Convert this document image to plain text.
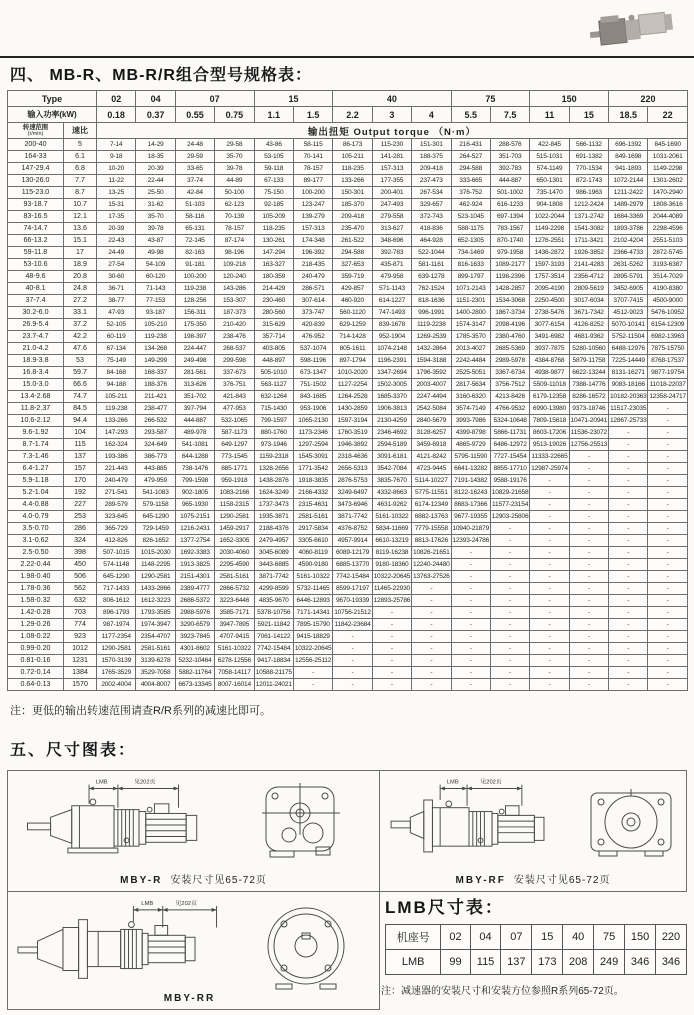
四、 MB-R、MB-R/R组合型号规格表：
Type		02	04	07		15		40			75		150		220	
输入功率(kW)		0.18	0.37	0.55	0.75	1.1	1.5	2.2	3	4	5.5	7.5	11	15	18.5	22

转速范围
(r/min)	速比	输出扭矩 Output torque （N·m）														
200-40	5	7-14	14-29	24-48	29-58	43-86	58-115	86-173	115-230	151-301	216-431	288-576	422-845	566-1132	696-1392	845-1690
164-33	6.1	9-18	18-35	29-59	35-70	53-105	70-141	105-211	141-281	188-375	264-527	351-703	515-1031	691-1382	849-1698	1031-2061
147-29.4	6.8	10-20	20-39	33-65	39-78	59-118	78-157	118-235	157-313	209-418	294-588	392-783	574-1149	770-1534	941-1893	1149-2298
130-26.0	7.7	11-22	22-44	37-74	44-89	67-133	89-177	133-266	177-355	237-473	333-665	444-887	650-1301	872-1743	1072-2144	1301-2602
115-23.0	8.7	13-25	25-50	42-84	50-100	75-150	100-200	150-301	200-401	267-534	376-752	501-1002	735-1470	986-1963	1211-2422	1470-2940
93-18.7	10.7	15-31	31-62	51-103	62-123	92-185	123-247	185-370	247-493	329-657	462-924	616-1233	904-1808	1212-2424	1489-2979	1808-3616
83-16.5	12.1	17-35	35-70	58-116	70-139	105-209	139-279	209-418	279-558	372-743	523-1045	697-1394	1022-2044	1371-2742	1684-3369	2044-4089
74-14.7	13.6	20-39	39-78	65-131	78-157	118-235	157-313	235-470	313-627	418-836	588-1175	783-1567	1149-2298	1541-3082	1893-3786	2298-4596
66-13.2	15.1	22-43	43-87	72-145	87-174	130-261	174-348	261-522	348-696	464-928	652-1305	870-1740	1276-2551	1711-3421	2102-4204	2551-5103
59-11.8	17	24-49	49-98	82-163	98-196	147-294	196-392	294-588	392-783	522-1044	734-1469	979-1958	1436-2872	1926-3852	2366-4733	2872-5745
53-10.6	18.9	27-54	54-109	91-181	109-218	163-327	218-435	327-653	435-871	581-1161	816-1633	1089-2177	1597-3193	2141-4283	2631-5262	3193-6387
48-9.6	20.8	30-60	60-120	100-200	120-240	180-359	240-479	359-719	479-958	639-1278	899-1797	1198-2396	1757-3514	2356-4712	2895-5791	3514-7029
40-8.1	24.8	36-71	71-143	119-238	143-286	214-429	286-571	429-857	571-1143	762-1524	1071-2143	1428-2857	2095-4190	2809-5619	3452-6905	4190-8380
37-7.4	27.2	38-77	77-153	128-256	153-307	230-460	307-614	460-920	614-1227	818-1636	1151-2301	1534-3068	2250-4500	3017-6034	3707-7415	4500-9000
30.2-6.0	33.1	47-93	93-187	156-311	187-373	280-560	373-747	560-1120	747-1493	996-1991	1400-2800	1867-3734	2738-5476	3671-7342	4512-9023	5476-10952
26.9-5.4	37.2	52-105	105-210	175-350	210-420	315-629	420-839	629-1259	839-1678	1119-2238	1574-3147	2098-4196	3077-6154	4126-8252	5070-10141	6154-12309
23.7-4.7	42.2	60-119	119-238	198-397	238-476	357-714	476-952	714-1428	952-1904	1269-2539	1785-3570	2380-4760	3491-6982	4681-9362	5752-11504	6982-13963
21.0-4.2	47.6	67-134	134-268	224-447	268-537	403-805	537-1074	805-1611	1074-2148	1432-2864	2013-4027	2685-5369	3937-7875	5280-10560	6488-12976	7875-15750
18.9-3.8	53	75-149	149-299	249-498	299-598	448-897	598-1196	897-1794	1196-2391	1594-3188	2242-4484	2989-5978	4384-8768	5879-11758	7225-14449	8768-17537
16.8-3.4	59.7	84-168	168-337	281-561	337-673	505-1010	673-1347	1010-2020	1347-2694	1796-3592	2525-5051	3367-6734	4938-9877	6622-13244	8131-16271	9877-19754
15.0-3.0	66.6	94-188	188-376	313-626	376-751	563-1127	751-1502	1127-2254	1502-3005	2003-4007	2817-5634	3756-7512	5509-11018	7388-14776	9083-18166	11018-22037
13.4-2.68	74.7	105-211	211-421	351-702	421-843	632-1264	843-1685	1264-2528	1685-3370	2247-4494	3160-6320	4213-8426	6179-12358	8286-16572	10182-20363	12358-24717
11.8-2.37	84.5	119-238	238-477	397-794	477-953	715-1430	953-1906	1430-2859	1906-3813	2542-5084	3574-7149	4766-9532	6990-13980	9373-18746	11517-23035	-
10.6-2.12	94.4	133-266	266-532	444-887	532-1065	799-1597	1065-2130	1597-3194	2130-4259	2840-5679	3993-7986	5324-10648	7809-15618	10471-20941	12867-25733	-
9.6-1.92	104	147-293	293-587	489-978	587-1173	880-1760	1173-2346	1760-3519	2346-4692	3128-6257	4399-8798	5866-11731	8603-17206	11536-23072	-	-
8.7-1.74	115	162-324	324-649	541-1081	649-1297	973-1946	1297-2594	1946-3892	2594-5189	3459-6918	4865-9729	6486-12972	9513-19026	12756-25513	-	-
7.3-1.46	137	193-386	386-773	644-1288	773-1545	1159-2318	1545-3091	2318-4636	3091-6181	4121-8242	5795-11590	7727-15454	11333-22665	-	-	-
6.4-1.27	157	221-443	443-885	738-1476	885-1771	1328-2656	1771-3542	2656-5313	3542-7084	4723-9445	6641-13282	8855-17710	12987-25974	-	-	-
5.9-1.18	170	240-479	479-959	799-1598	959-1918	1438-2876	1918-3835	2876-5753	3835-7670	5114-10227	7191-14382	9588-19176	-	-	-	-
5.2-1.04	192	271-541	541-1083	902-1805	1083-2166	1624-3249	2166-4332	3249-6497	4332-8663	5775-11551	8122-16243	10829-21658	-	-	-	-
4.4-0.88	227	289-579	579-1158	965-1930	1158-2315	1737-3473	2315-4631	3473-6946	4631-9262	6174-12349	8683-17366	11577-23154	-	-	-	-
4.0-0.79	253	323-645	645-1290	1075-2151	1290-2581	1935-3871	2581-5161	3871-7742	5161-10322	6882-13763	9677-19355	12903-25806	-	-	-	-
3.5-0.70	286	365-729	729-1459	1216-2431	1459-2917	2188-4376	2917-5834	4376-8752	5834-11669	7779-15558	10940-21879	-	-	-	-	-
3.1-0.62	324	412-826	826-1652	1377-2754	1652-3305	2479-4957	3305-6610	4957-9914	6610-13219	8813-17626	12393-24786	-	-	-	-	-
2.5-0.50	398	507-1015	1015-2030	1692-3383	2030-4060	3045-6089	4060-8119	6089-12179	8119-16238	10826-21651	-	-	-	-	-	-
2.22-0.44	450	574-1148	1148-2295	1913-3825	2295-4590	3443-6885	4590-9180	6885-13770	9180-18360	12240-24480	-	-	-	-	-	-
1.98-0.40	506	645-1290	1290-2581	2151-4301	2581-5161	3871-7742	5161-10322	7742-15484	10322-20645	13763-27526	-	-	-	-	-	-
1.78-0.36	562	717-1433	1433-2866	2389-4777	2866-5732	4299-8599	5732-11465	8599-17197	11465-22930	-	-	-	-	-	-	-
1.58-0.32	632	806-1612	1612-3223	2686-5372	3223-6446	4835-9670	6446-12893	9670-19339	12893-25786	-	-	-	-	-	-	-
1.42-0.28	703	896-1793	1793-3585	2988-5976	3585-7171	5378-10756	7171-14341	10756-21512	-	-	-	-	-	-	-	-
1.29-0.26	774	987-1974	1974-3947	3290-6579	3947-7895	5921-11842	7895-15790	11842-23684	-	-	-	-	-	-	-	-
1.08-0.22	923	1177-2354	2354-4707	3923-7845	4707-9415	7061-14122	9415-18829	-	-	-	-	-	-	-	-	-
0.99-0.20	1012	1290-2581	2581-5161	4301-8602	5161-10322	7742-15484	10322-20645	-	-	-	-	-	-	-	-	-
0.81-0.16	1231	1570-3139	3139-6278	5232-10464	6278-12556	9417-18834	12556-25112	-	-	-	-	-	-	-	-	-
0.72-0.14	1384	1765-3529	3529-7058	5882-11764	7058-14117	10588-21175	-	-	-	-	-	-	-	-	-	-
0.64-0.13	1570	2002-4004	4004-8007	6673-13345	8007-16014	12011-24021	-	-	-	-	-	-	-	-	-	-
注：更低的输出转速范围请查R/R系列的减速比即可。
五、尺寸图表：
LMB	见202页
MBY-R 安装尺寸见65-72页
LMB	见202页
MBY-RF 安装尺寸见65-72页
LMB	见202页
MBY-RR
LMB尺寸表：
机座号	02	04	07	15	40	75	150	220
LMB	99	115	137	173	208	249	346	346
注：减速器的安装尺寸和安装方位参照R系列65-72页。
